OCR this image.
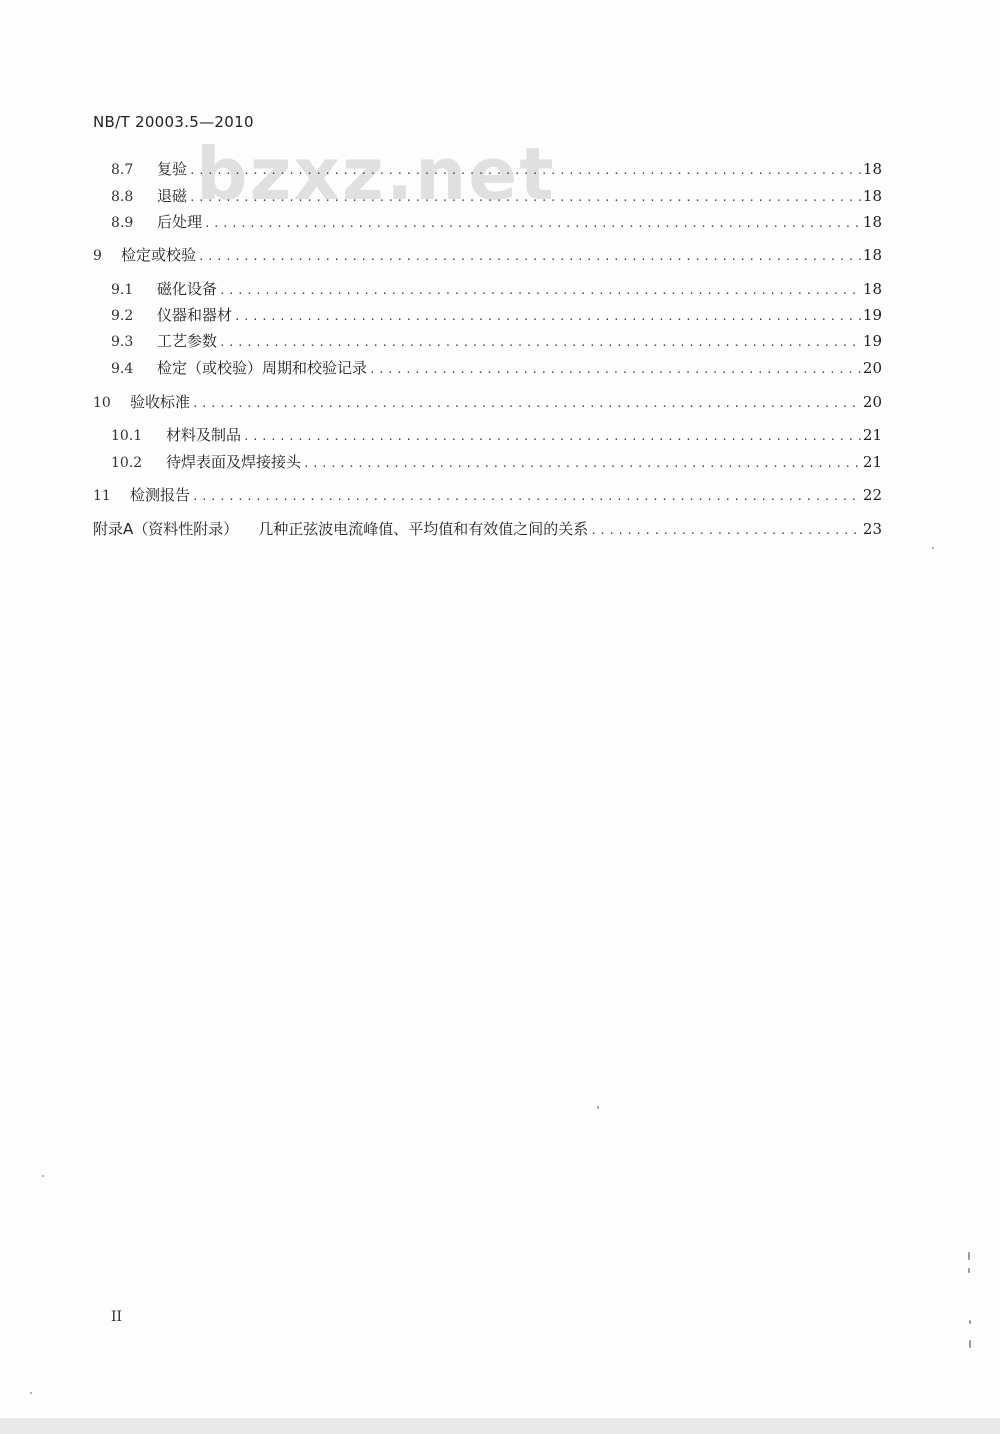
NB/T 20003.5—2010
bzxz.net
8.7	复验 .....	18
8.8	退磁 .....	18
8.9	后处理 .....	18
9	检定或校验 .....	18
9.1	磁化设备 .....	18
9.2	仪器和器材 .....	19
9.3	工艺参数 .....	19
9.4	检定（或校验）周期和校验记录 .....	20
10	验收标准 .....	20
10.1	材料及制品 .....	21
10.2	待焊表面及焊接接头 .....	21
11	检测报告 .....	22
附录A（资料性附录） 几种正弦波电流峰值、平均值和有效值之间的关系 .....	23
II
